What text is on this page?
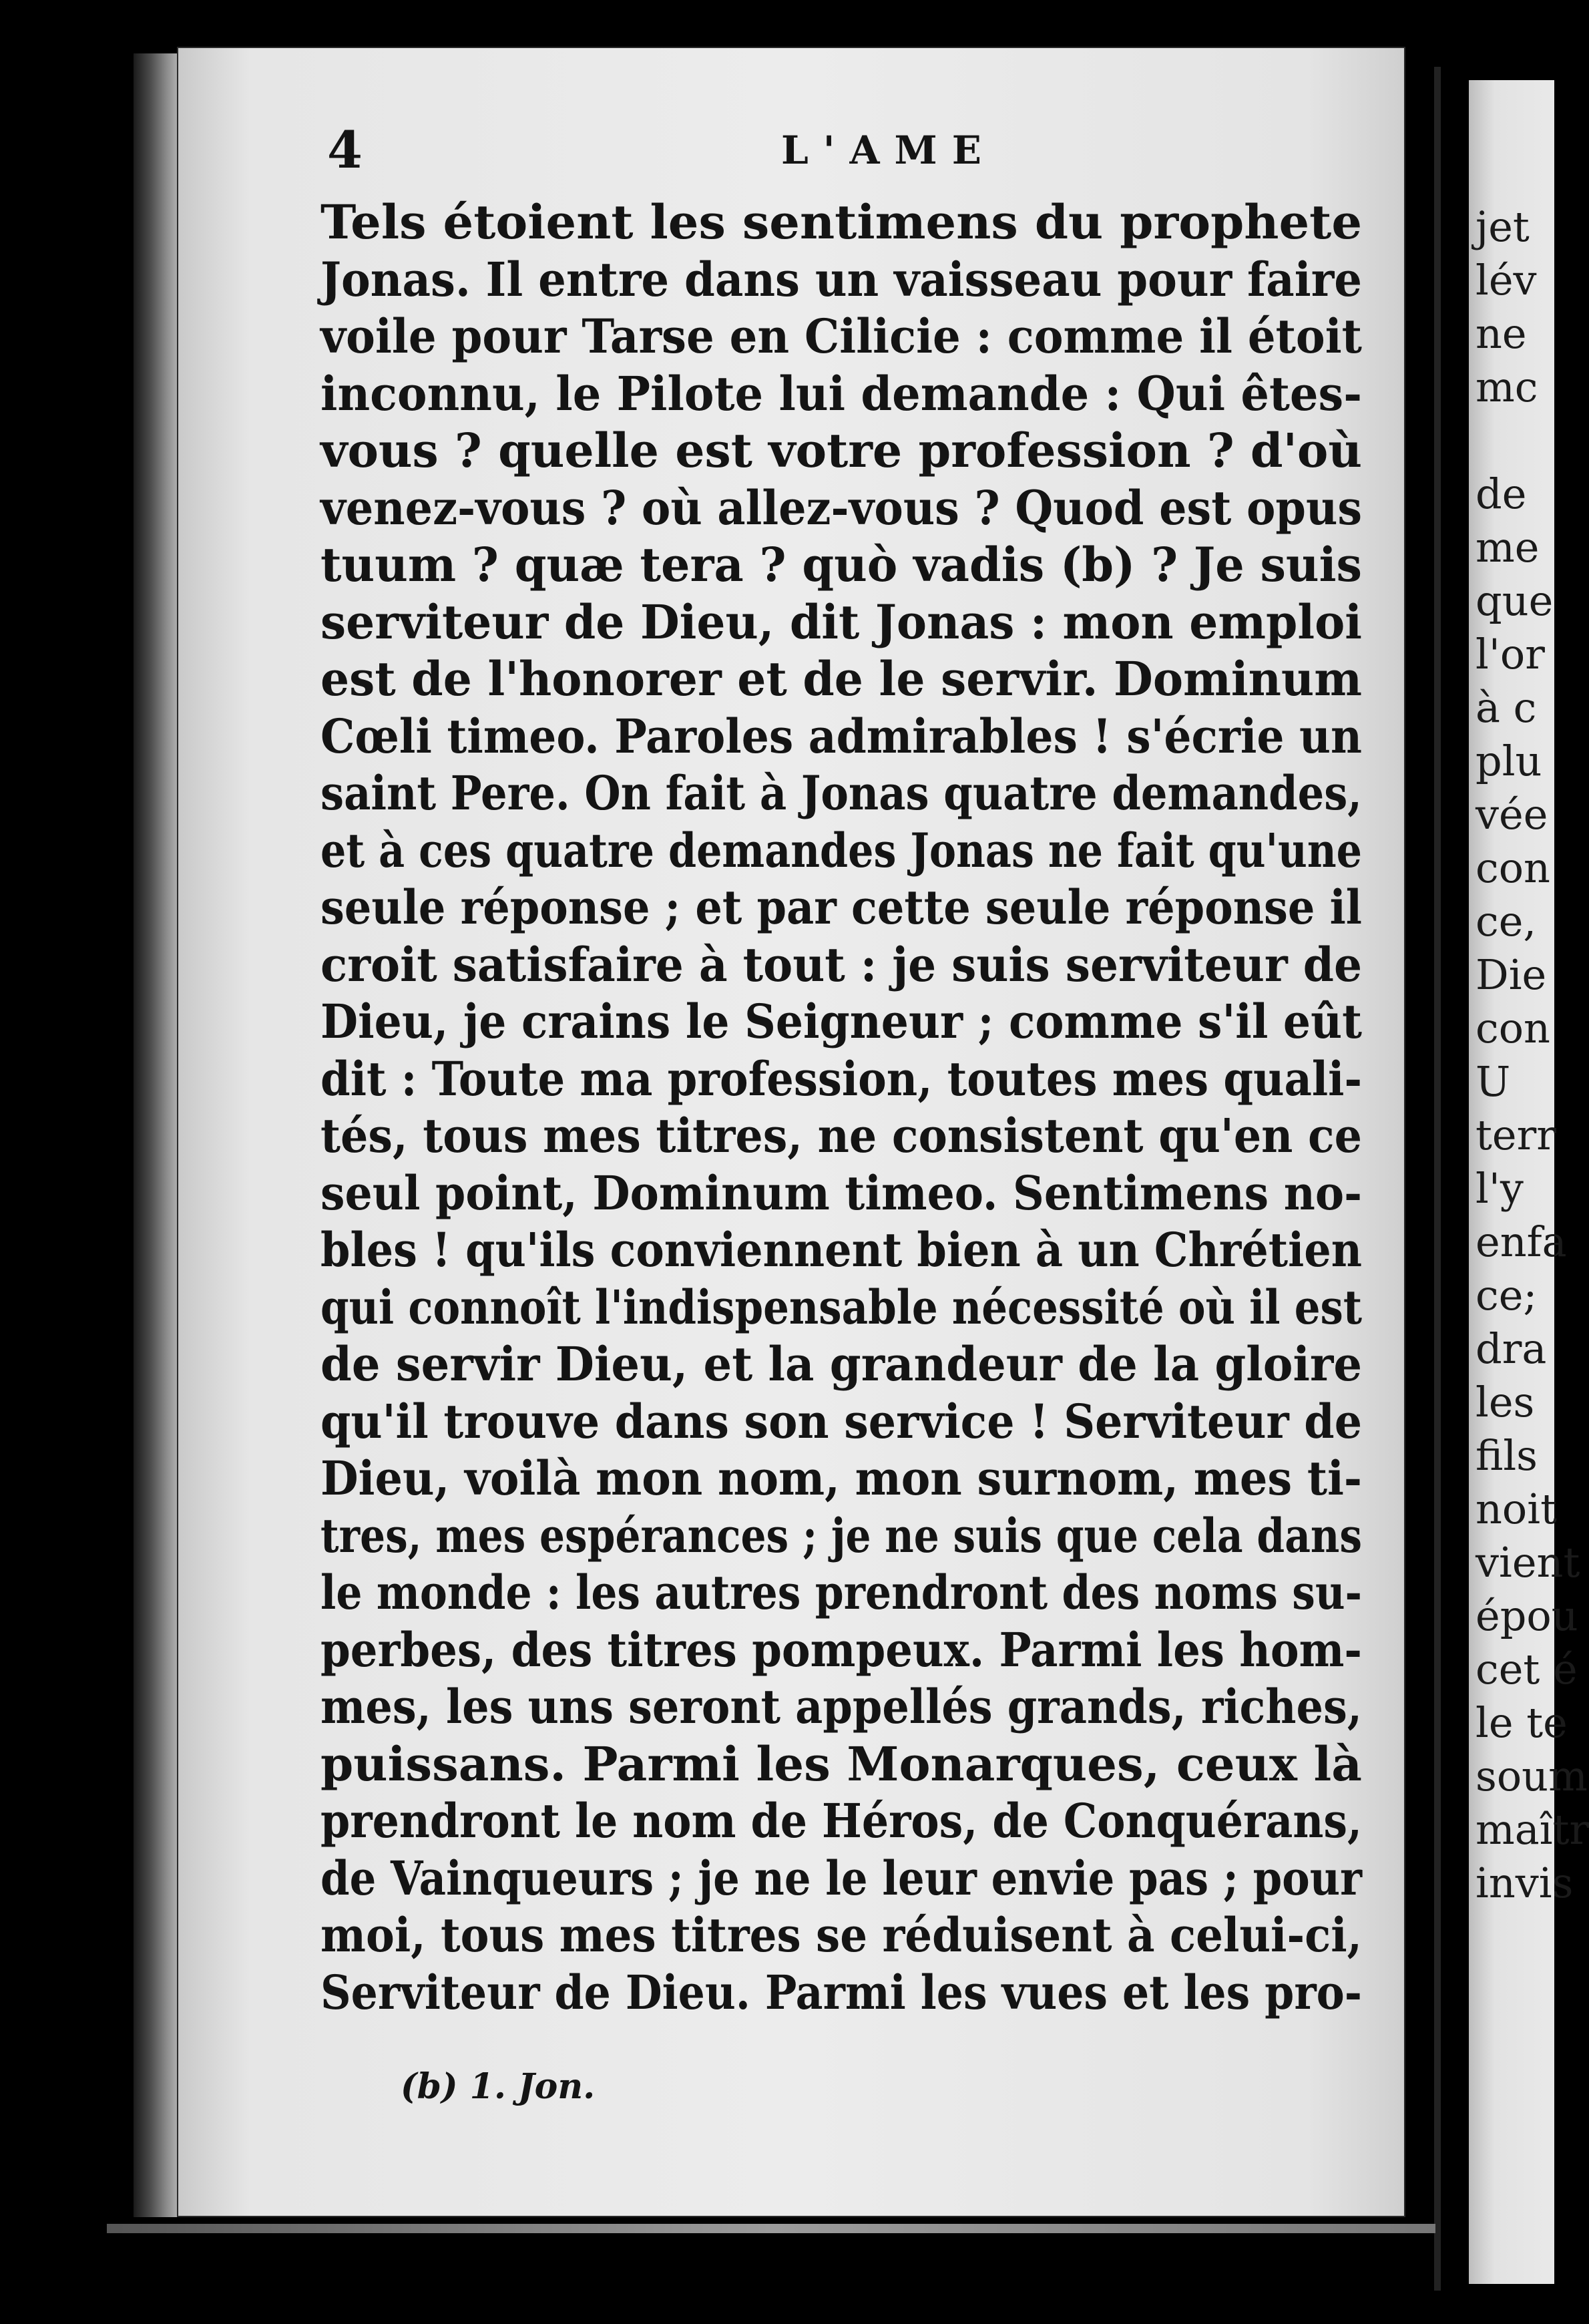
4	L'AME
Tels étoient les sentimens du prophete
Jonas. Il entre dans un vaisseau pour faire
voile pour Tarse en Cilicie : comme il étoit
inconnu, le Pilote lui demande : Qui êtes-
vous ? quelle est votre profession ? d'où
venez-vous ? où allez-vous ? Quod est opus
tuum ? quæ tera ? quò vadis (b) ? Je suis
serviteur de Dieu, dit Jonas : mon emploi
est de l'honorer et de le servir. Dominum
Cœli timeo. Paroles admirables ! s'écrie un
saint Pere. On fait à Jonas quatre demandes,
et à ces quatre demandes Jonas ne fait qu'une
seule réponse ; et par cette seule réponse il
croit satisfaire à tout : je suis serviteur de
Dieu, je crains le Seigneur ; comme s'il eût
dit : Toute ma profession, toutes mes quali-
tés, tous mes titres, ne consistent qu'en ce
seul point, Dominum timeo. Sentimens no-
bles ! qu'ils conviennent bien à un Chrétien
qui connoît l'indispensable nécessité où il est
de servir Dieu, et la grandeur de la gloire
qu'il trouve dans son service ! Serviteur de
Dieu, voilà mon nom, mon surnom, mes ti-
tres, mes espérances ; je ne suis que cela dans
le monde : les autres prendront des noms su-
perbes, des titres pompeux. Parmi les hom-
mes, les uns seront appellés grands, riches,
puissans. Parmi les Monarques, ceux là
prendront le nom de Héros, de Conquérans,
de Vainqueurs ; je ne le leur envie pas ; pour
moi, tous mes titres se réduisent à celui-ci,
Serviteur de Dieu. Parmi les vues et les pro-
(b) 1. Jon.
jet
lév
ne
mc
de
me
que
l'or
à c
plu
vée
con
ce,
Die
con
U
terr
l'y
enfa
ce;
dra
les
fils
noit
vient
épou
cet é
le te
soum
maîtr
invis
